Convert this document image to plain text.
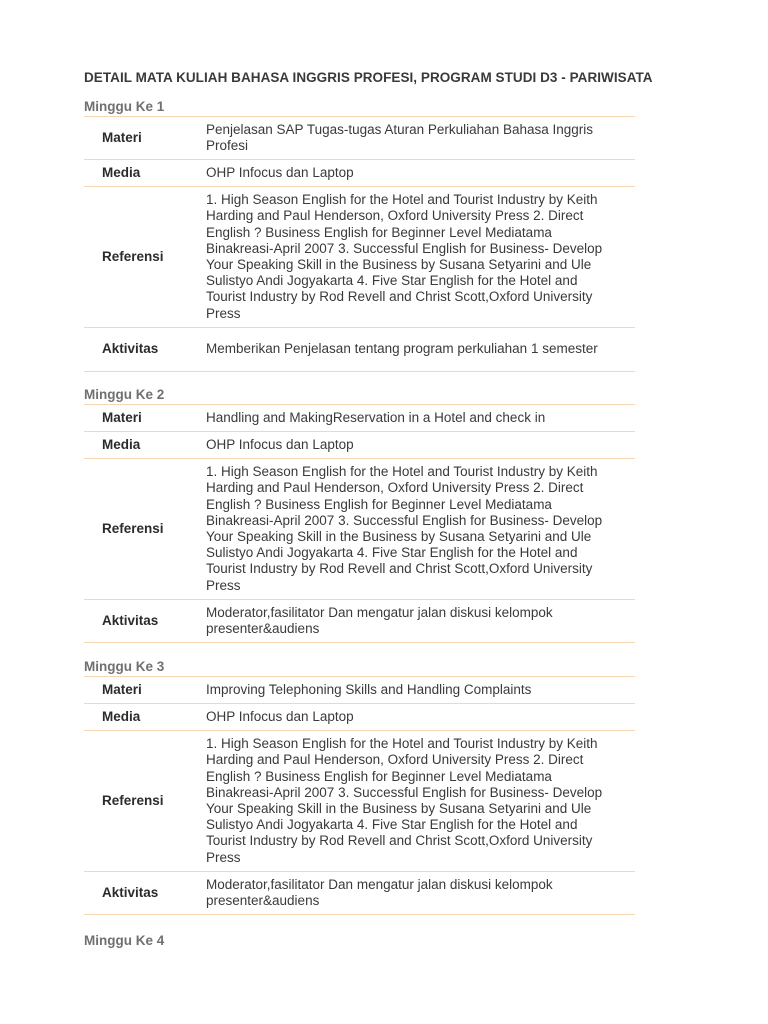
DETAIL MATA KULIAH BAHASA INGGRIS PROFESI, PROGRAM STUDI D3 - PARIWISATA
Minggu Ke 1
Materi	Penjelasan SAP Tugas-tugas Aturan Perkuliahan Bahasa Inggris Profesi
Media	OHP Infocus dan Laptop
Referensi	1. High Season English for the Hotel and Tourist Industry by Keith Harding and Paul Henderson, Oxford University Press 2. Direct English ? Business English for Beginner Level Mediatama Binakreasi-April 2007 3. Successful English for Business- Develop Your Speaking Skill in the Business by Susana Setyarini and Ule Sulistyo Andi Jogyakarta 4. Five Star English for the Hotel and Tourist Industry by Rod Revell and Christ Scott,Oxford University Press
Aktivitas	Memberikan Penjelasan tentang program perkuliahan 1 semester
Minggu Ke 2
Materi	Handling and MakingReservation in a Hotel and check in
Media	OHP Infocus dan Laptop
Referensi	1. High Season English for the Hotel and Tourist Industry by Keith Harding and Paul Henderson, Oxford University Press 2. Direct English ? Business English for Beginner Level Mediatama Binakreasi-April 2007 3. Successful English for Business- Develop Your Speaking Skill in the Business by Susana Setyarini and Ule Sulistyo Andi Jogyakarta 4. Five Star English for the Hotel and Tourist Industry by Rod Revell and Christ Scott,Oxford University Press
Aktivitas	Moderator,fasilitator Dan mengatur jalan diskusi kelompok presenter&audiens
Minggu Ke 3
Materi	Improving Telephoning Skills and Handling Complaints
Media	OHP Infocus dan Laptop
Referensi	1. High Season English for the Hotel and Tourist Industry by Keith Harding and Paul Henderson, Oxford University Press 2. Direct English ? Business English for Beginner Level Mediatama Binakreasi-April 2007 3. Successful English for Business- Develop Your Speaking Skill in the Business by Susana Setyarini and Ule Sulistyo Andi Jogyakarta 4. Five Star English for the Hotel and Tourist Industry by Rod Revell and Christ Scott,Oxford University Press
Aktivitas	Moderator,fasilitator Dan mengatur jalan diskusi kelompok presenter&audiens
Minggu Ke 4
